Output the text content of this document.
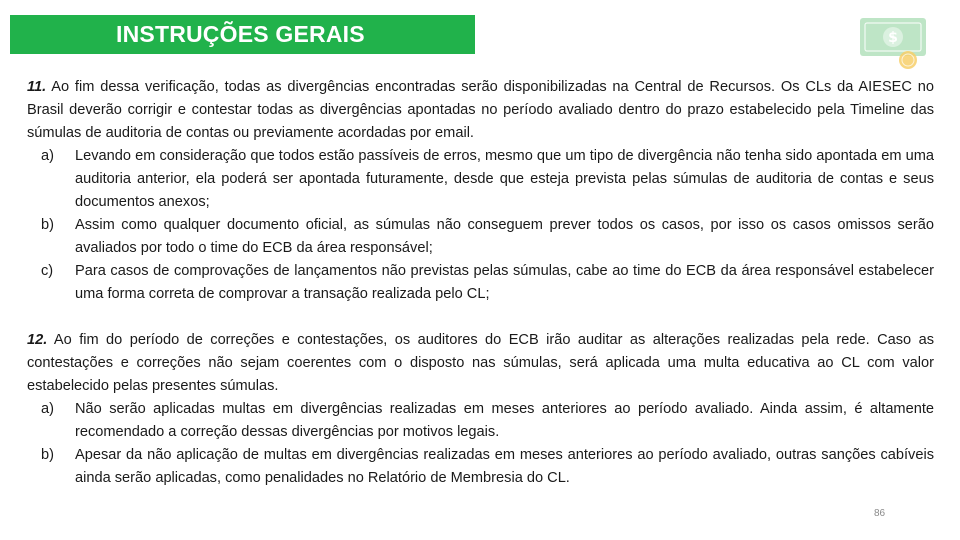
INSTRUÇÕES GERAIS	$

11. Ao fim dessa verificação, todas as divergências encontradas serão disponibilizadas na Central de Recursos. Os CLs da AIESEC no Brasil deverão corrigir e contestar todas as divergências apontadas no período avaliado dentro do prazo estabelecido pela Timeline das súmulas de auditoria de contas ou previamente acordadas por email.

a) Levando em consideração que todos estão passíveis de erros, mesmo que um tipo de divergência não tenha sido apontada em uma auditoria anterior, ela poderá ser apontada futuramente, desde que esteja prevista pelas súmulas de auditoria de contas e seus documentos anexos;
b) Assim como qualquer documento oficial, as súmulas não conseguem prever todos os casos, por isso os casos omissos serão avaliados por todo o time do ECB da área responsável;
c) Para casos de comprovações de lançamentos não previstas pelas súmulas, cabe ao time do ECB da área responsável estabelecer uma forma correta de comprovar a transação realizada pelo CL;

12. Ao fim do período de correções e contestações, os auditores do ECB irão auditar as alterações realizadas pela rede. Caso as contestações e correções não sejam coerentes com o disposto nas súmulas, será aplicada uma multa educativa ao CL com valor estabelecido pelas presentes súmulas.

a) Não serão aplicadas multas em divergências realizadas em meses anteriores ao período avaliado. Ainda assim, é altamente recomendado a correção dessas divergências por motivos legais.
b) Apesar da não aplicação de multas em divergências realizadas em meses anteriores ao período avaliado, outras sanções cabíveis ainda serão aplicadas, como penalidades no Relatório de Membresia do CL.
86
